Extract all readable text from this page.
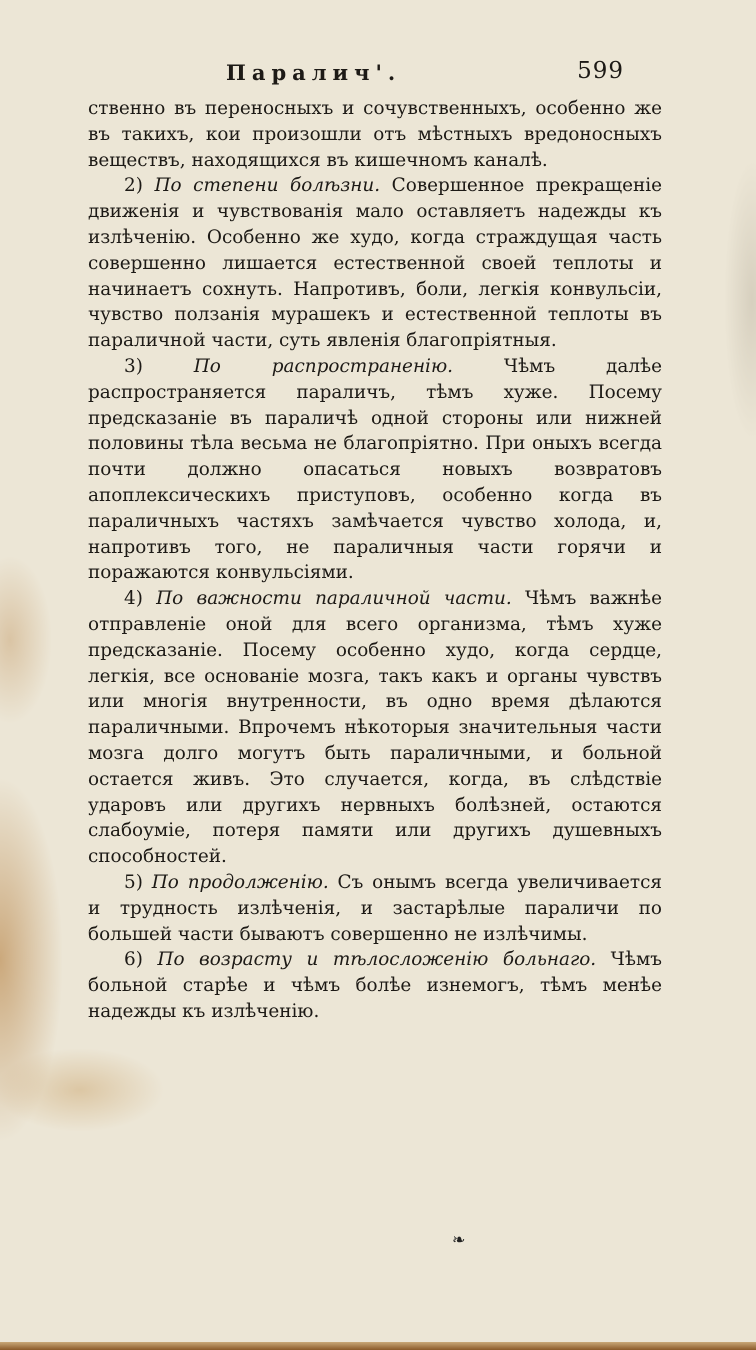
Паралич'.	599

ственно въ переносныхъ и сочувственныхъ, особенно же въ такихъ, кои произошли отъ мѣстныхъ вредоносныхъ веществъ, находящихся въ кишечномъ каналѣ.

2) По степени болѣзни. Совершенное прекращеніе движенія и чувствованія мало оставляетъ надежды къ излѣченію. Особенно же худо, когда страждущая часть совершенно лишается естественной своей теплоты и начинаетъ сохнуть. Напротивъ, боли, легкія конвульсіи, чувство ползанія мурашекъ и естественной теплоты въ параличной части, суть явленія благопріятныя.

3)	По распространенію.	Чѣмъ далѣе распространяется параличъ, тѣмъ хуже. Посему предсказаніе въ параличѣ одной стороны или нижней половины тѣла весьма не благопріятно. При оныхъ всегда почти должно опасаться новыхъ возвратовъ апоплексическихъ приступовъ, особенно когда въ параличныхъ частяхъ замѣчается чувство холода, и, напротивъ того, не параличныя части горячи и поражаются конвульсіями.

4) По важности параличной части. Чѣмъ важнѣе отправленіе оной для всего организма, тѣмъ хуже предсказаніе. Посему особенно худо, когда сердце, легкія, все основаніе мозга, такъ какъ и органы чувствъ или многія внутренности, въ одно время дѣлаются параличными. Впрочемъ нѣкоторыя значительныя части мозга долго могутъ быть параличными, и больной остается живъ. Это случается, когда, въ слѣдствіе ударовъ или другихъ нервныхъ болѣзней, остаются слабоуміе, потеря памяти или другихъ душевныхъ способностей.

5) По продолженію. Съ онымъ всегда увеличивается и трудность излѣченія, и застарѣлые параличи по большей части бываютъ совершенно не излѣчимы.

6) По возрасту и тѣлосложенію больнаго. Чѣмъ больной старѣе и чѣмъ болѣе изнемогъ, тѣмъ менѣе надежды къ излѣченію.

❧
